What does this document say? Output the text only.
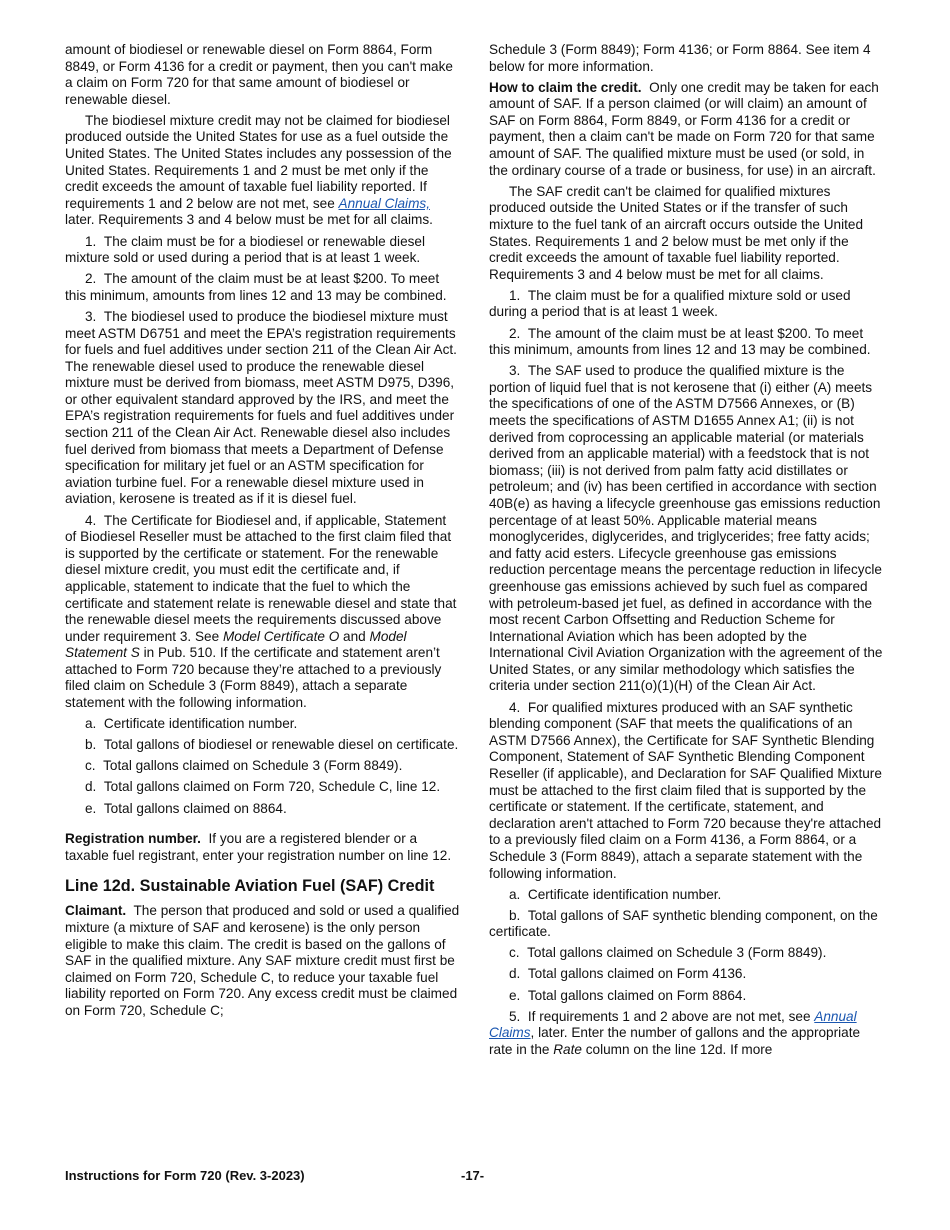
amount of biodiesel or renewable diesel on Form 8864, Form 8849, or Form 4136 for a credit or payment, then you can't make a claim on Form 720 for that same amount of biodiesel or renewable diesel.

The biodiesel mixture credit may not be claimed for biodiesel produced outside the United States for use as a fuel outside the United States. The United States includes any possession of the United States. Requirements 1 and 2 must be met only if the credit exceeds the amount of taxable fuel liability reported. If requirements 1 and 2 below are not met, see Annual Claims, later. Requirements 3 and 4 below must be met for all claims.

1.  The claim must be for a biodiesel or renewable diesel mixture sold or used during a period that is at least 1 week.

2.  The amount of the claim must be at least $200. To meet this minimum, amounts from lines 12 and 13 may be combined.

3.  The biodiesel used to produce the biodiesel mixture must meet ASTM D6751 and meet the EPA’s registration requirements for fuels and fuel additives under section 211 of the Clean Air Act. The renewable diesel used to produce the renewable diesel mixture must be derived from biomass, meet ASTM D975, D396, or other equivalent standard approved by the IRS, and meet the EPA’s registration requirements for fuels and fuel additives under section 211 of the Clean Air Act. Renewable diesel also includes fuel derived from biomass that meets a Department of Defense specification for military jet fuel or an ASTM specification for aviation turbine fuel. For a renewable diesel mixture used in aviation, kerosene is treated as if it is diesel fuel.

4.  The Certificate for Biodiesel and, if applicable, Statement of Biodiesel Reseller must be attached to the first claim filed that is supported by the certificate or statement. For the renewable diesel mixture credit, you must edit the certificate and, if applicable, statement to indicate that the fuel to which the certificate and statement relate is renewable diesel and state that the renewable diesel meets the requirements discussed above under requirement 3. See Model Certificate O and Model Statement S in Pub. 510. If the certificate and statement aren’t attached to Form 720 because they’re attached to a previously filed claim on Schedule 3 (Form 8849), attach a separate statement with the following information.

a.  Certificate identification number.

b.  Total gallons of biodiesel or renewable diesel on certificate.

c.  Total gallons claimed on Schedule 3 (Form 8849).

d.  Total gallons claimed on Form 720, Schedule C, line 12.

e.  Total gallons claimed on 8864.

Registration number.  If you are a registered blender or a taxable fuel registrant, enter your registration number on line 12.

Line 12d. Sustainable Aviation Fuel (SAF) Credit

Claimant.  The person that produced and sold or used a qualified mixture (a mixture of SAF and kerosene) is the only person eligible to make this claim. The credit is based on the gallons of SAF in the qualified mixture. Any SAF mixture credit must first be claimed on Form 720, Schedule C, to reduce your taxable fuel liability reported on Form 720. Any excess credit must be claimed on Form 720, Schedule C;

Schedule 3 (Form 8849); Form 4136; or Form 8864. See item 4 below for more information.

How to claim the credit.  Only one credit may be taken for each amount of SAF. If a person claimed (or will claim) an amount of SAF on Form 8864, Form 8849, or Form 4136 for a credit or payment, then a claim can't be made on Form 720 for that same amount of SAF. The qualified mixture must be used (or sold, in the ordinary course of a trade or business, for use) in an aircraft.

The SAF credit can't be claimed for qualified mixtures produced outside the United States or if the transfer of such mixture to the fuel tank of an aircraft occurs outside the United States. Requirements 1 and 2 below must be met only if the credit exceeds the amount of taxable fuel liability reported. Requirements 3 and 4 below must be met for all claims.

1.  The claim must be for a qualified mixture sold or used during a period that is at least 1 week.

2.  The amount of the claim must be at least $200. To meet this minimum, amounts from lines 12 and 13 may be combined.

3.  The SAF used to produce the qualified mixture is the portion of liquid fuel that is not kerosene that (i) either (A) meets the specifications of one of the ASTM D7566 Annexes, or (B) meets the specifications of ASTM D1655 Annex A1; (ii) is not derived from coprocessing an applicable material (or materials derived from an applicable material) with a feedstock that is not biomass; (iii) is not derived from palm fatty acid distillates or petroleum; and (iv) has been certified in accordance with section 40B(e) as having a lifecycle greenhouse gas emissions reduction percentage of at least 50%. Applicable material means monoglycerides, diglycerides, and triglycerides; free fatty acids; and fatty acid esters. Lifecycle greenhouse gas emissions reduction percentage means the percentage reduction in lifecycle greenhouse gas emissions achieved by such fuel as compared with petroleum-based jet fuel, as defined in accordance with the most recent Carbon Offsetting and Reduction Scheme for International Aviation which has been adopted by the International Civil Aviation Organization with the agreement of the United States, or any similar methodology which satisfies the criteria under section 211(o)(1)(H) of the Clean Air Act.

4.  For qualified mixtures produced with an SAF synthetic blending component (SAF that meets the qualifications of an ASTM D7566 Annex), the Certificate for SAF Synthetic Blending Component, Statement of SAF Synthetic Blending Component Reseller (if applicable), and Declaration for SAF Qualified Mixture must be attached to the first claim filed that is supported by the certificate or statement. If the certificate, statement, and declaration aren't attached to Form 720 because they're attached to a previously filed claim on a Form 4136, a Form 8864, or a Schedule 3 (Form 8849), attach a separate statement with the following information.

a.  Certificate identification number.

b.  Total gallons of SAF synthetic blending component, on the certificate.

c.  Total gallons claimed on Schedule 3 (Form 8849).

d.  Total gallons claimed on Form 4136.

e.  Total gallons claimed on Form 8864.

5.  If requirements 1 and 2 above are not met, see Annual Claims, later. Enter the number of gallons and the appropriate rate in the Rate column on the line 12d. If more

Instructions for Form 720 (Rev. 3-2023)	-17-
